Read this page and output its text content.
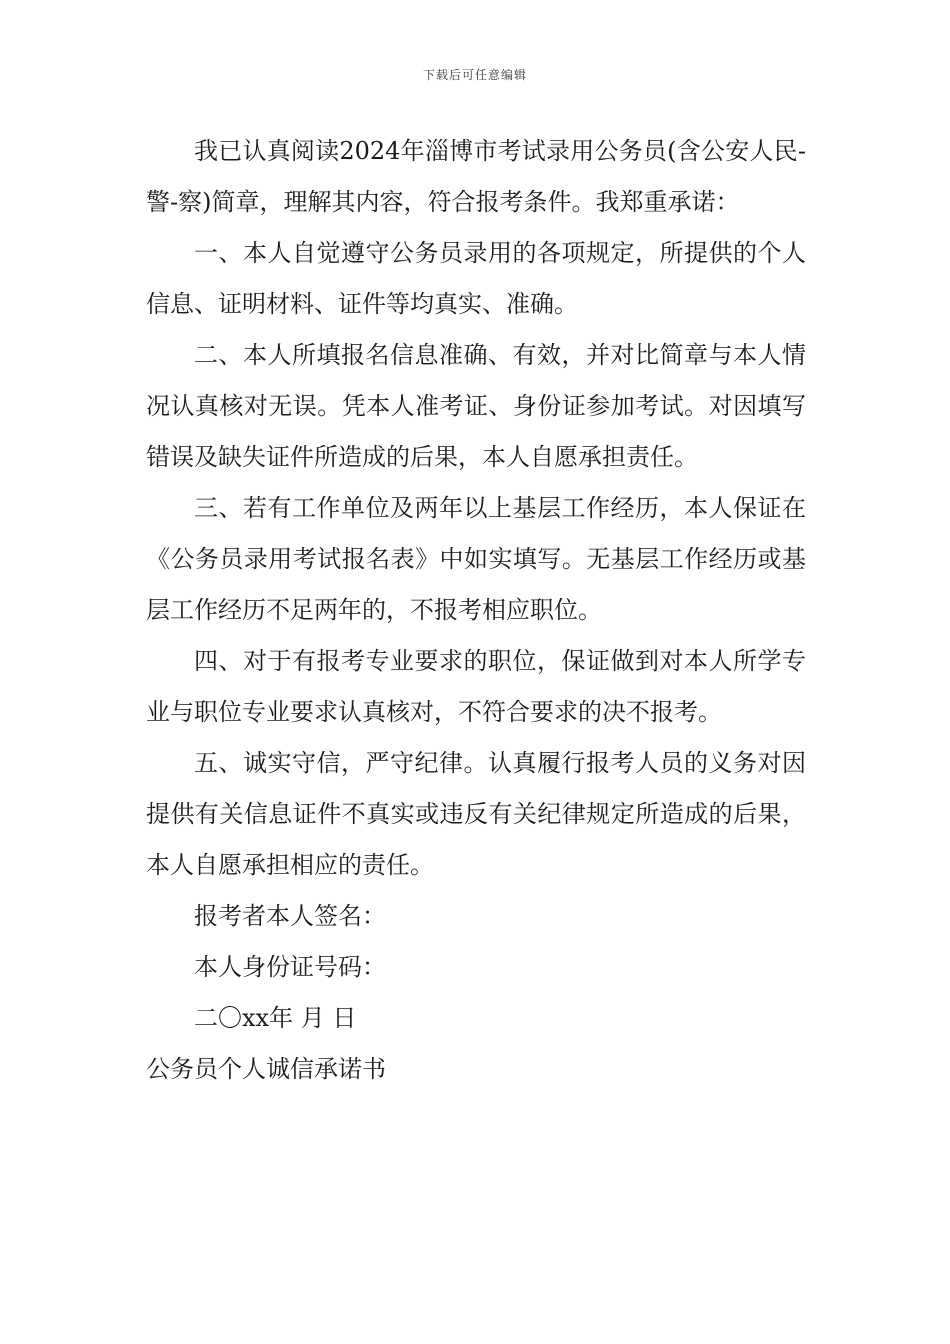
下载后可任意编辑

我已认真阅读2024年淄博市考试录用公务员(含公安人民-警-察)简章，理解其内容，符合报考条件。我郑重承诺：

一、本人自觉遵守公务员录用的各项规定，所提供的个人信息、证明材料、证件等均真实、准确。

二、本人所填报名信息准确、有效，并对比简章与本人情况认真核对无误。凭本人准考证、身份证参加考试。对因填写错误及缺失证件所造成的后果，本人自愿承担责任。

三、若有工作单位及两年以上基层工作经历，本人保证在《公务员录用考试报名表》中如实填写。无基层工作经历或基层工作经历不足两年的，不报考相应职位。

四、对于有报考专业要求的职位，保证做到对本人所学专业与职位专业要求认真核对，不符合要求的决不报考。

五、诚实守信，严守纪律。认真履行报考人员的义务对因提供有关信息证件不真实或违反有关纪律规定所造成的后果，本人自愿承担相应的责任。

报考者本人签名：

本人身份证号码：

二〇xx年 月 日

公务员个人诚信承诺书
